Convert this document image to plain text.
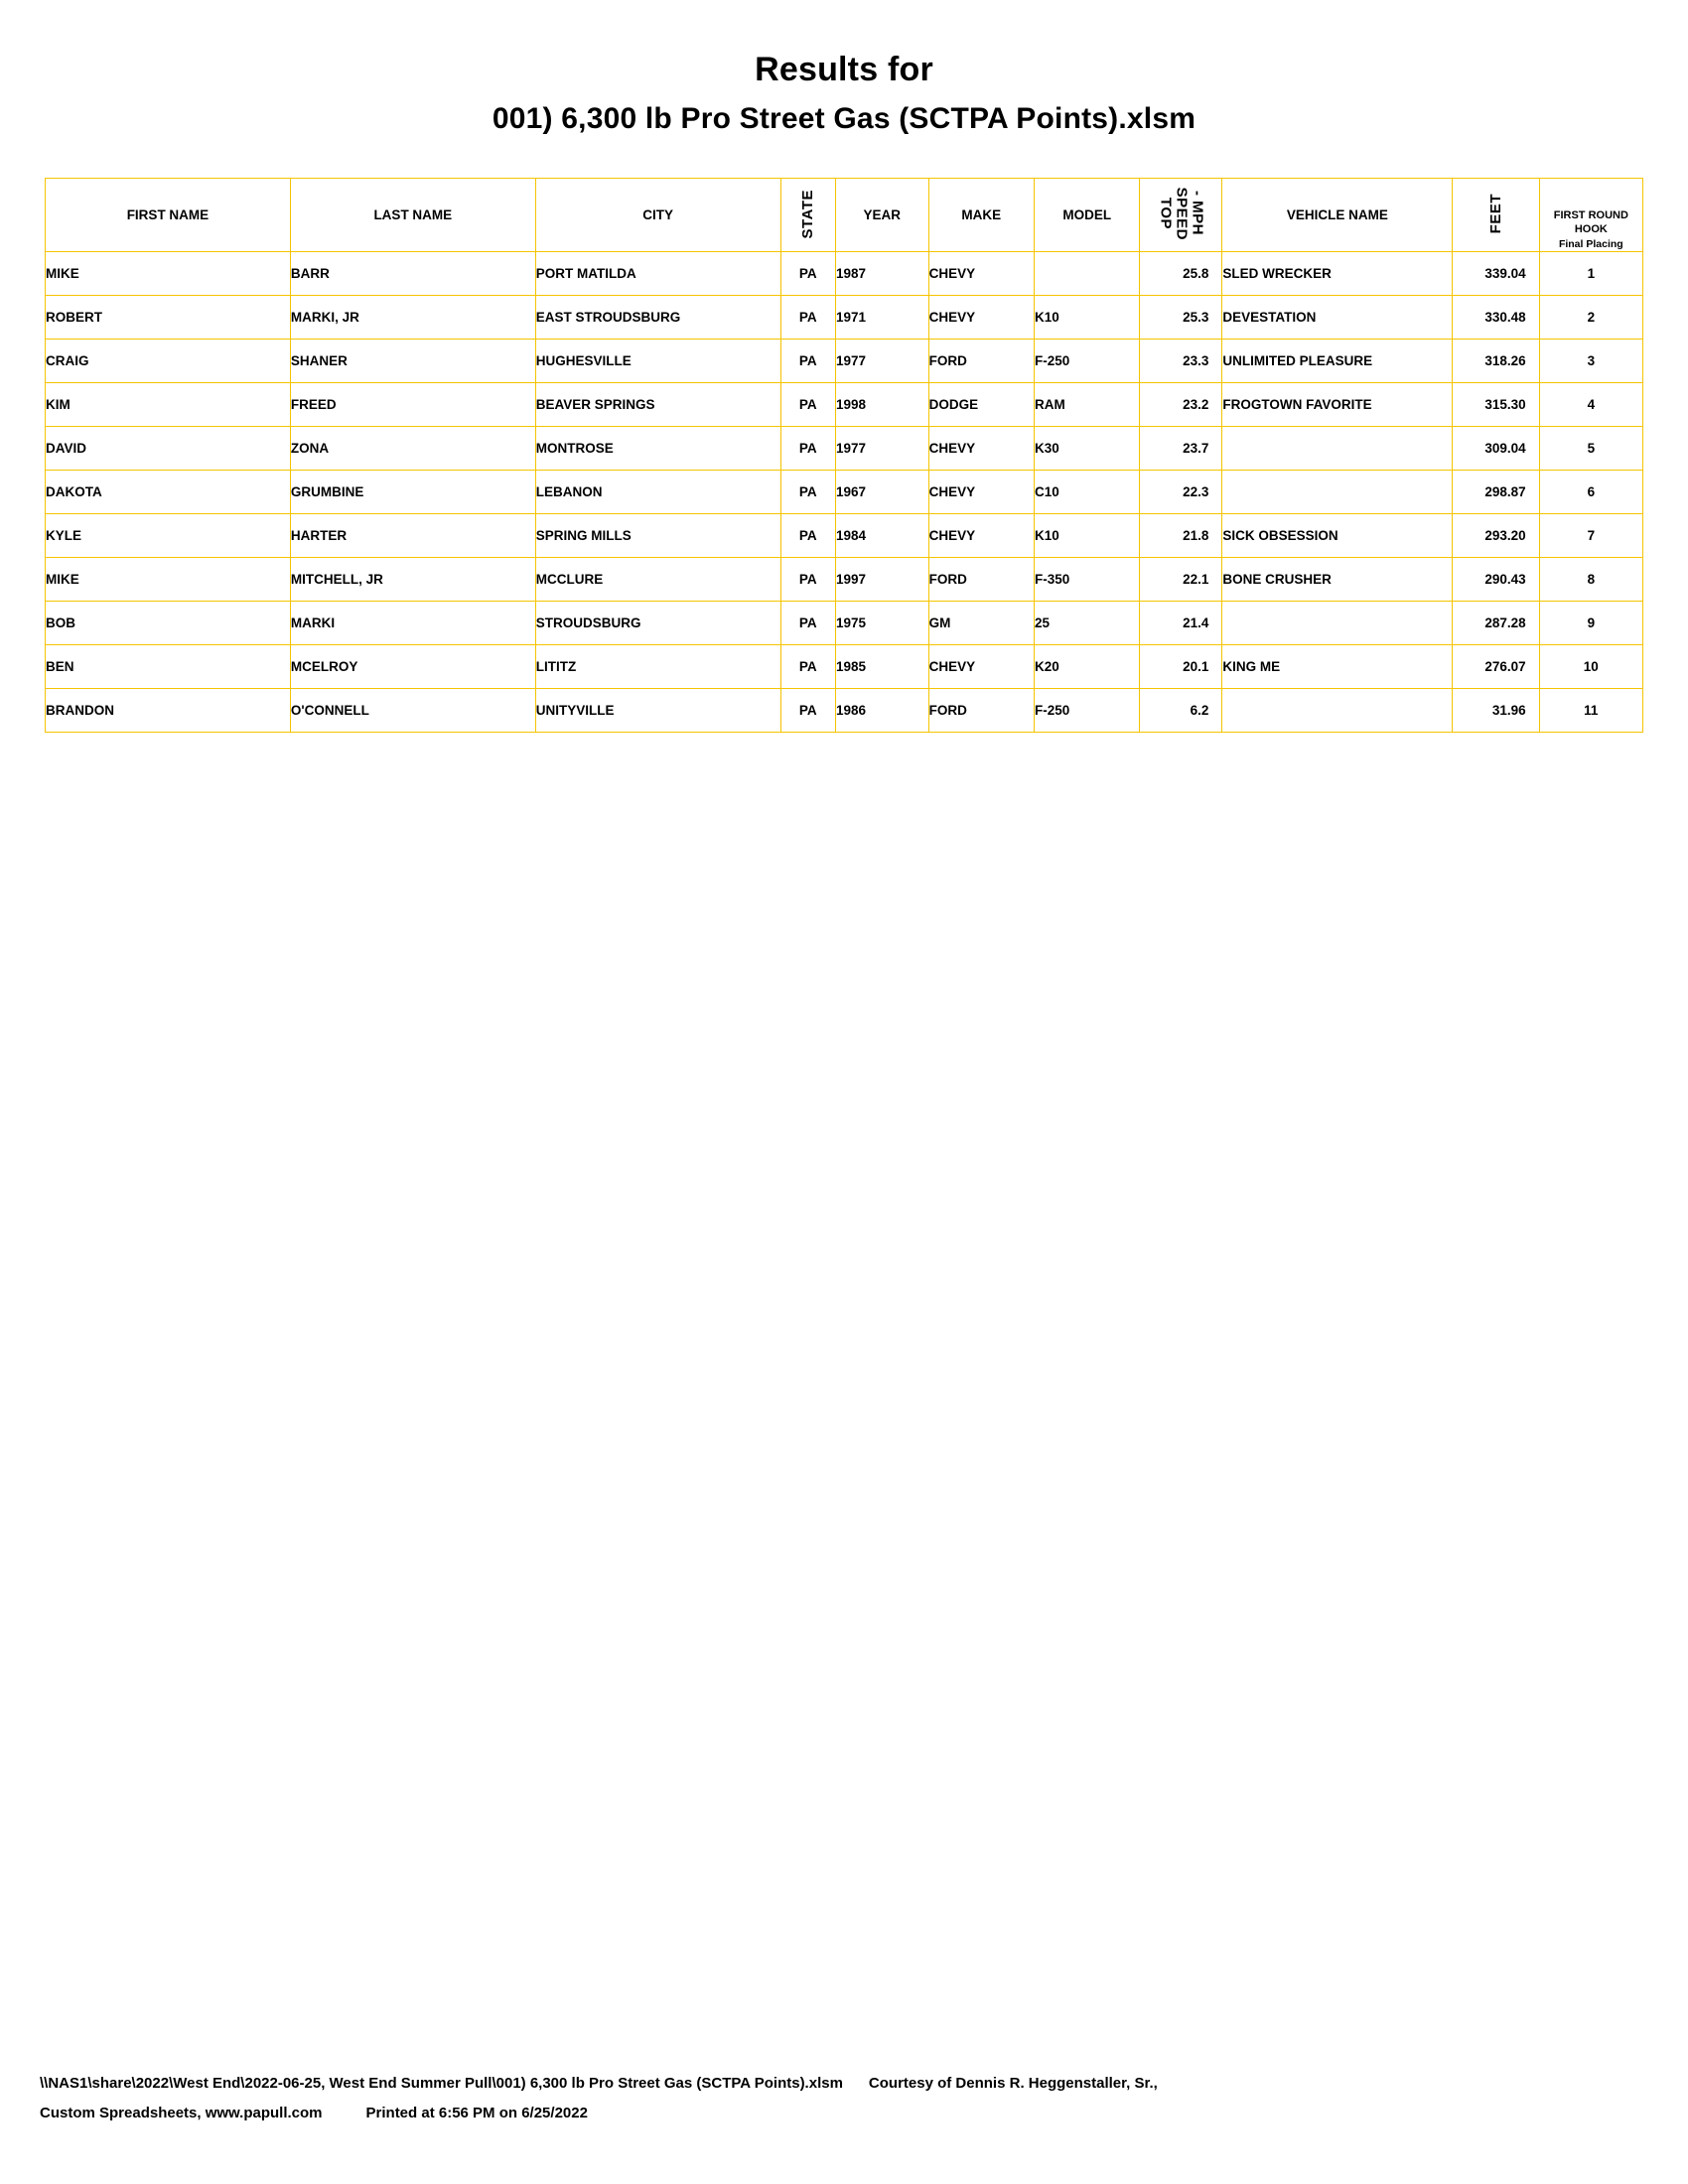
Results for
001) 6,300 lb Pro Street Gas (SCTPA Points).xlsm
FIRST NAME	LAST NAME	CITY	STATE	YEAR	MAKE	MODEL	TOP SPEED - MPH	VEHICLE NAME	FEET	FIRST ROUND
HOOK
Final Placing

MIKE	BARR	PORT MATILDA	PA	1987	CHEVY		25.8	SLED WRECKER	339.04	1
ROBERT	MARKI, JR	EAST STROUDSBURG	PA	1971	CHEVY	K10	25.3	DEVESTATION	330.48	2
CRAIG	SHANER	HUGHESVILLE	PA	1977	FORD	F-250	23.3	UNLIMITED PLEASURE	318.26	3
KIM	FREED	BEAVER SPRINGS	PA	1998	DODGE	RAM	23.2	FROGTOWN FAVORITE	315.30	4
DAVID	ZONA	MONTROSE	PA	1977	CHEVY	K30	23.7		309.04	5
DAKOTA	GRUMBINE	LEBANON	PA	1967	CHEVY	C10	22.3		298.87	6
KYLE	HARTER	SPRING MILLS	PA	1984	CHEVY	K10	21.8	SICK OBSESSION	293.20	7
MIKE	MITCHELL, JR	MCCLURE	PA	1997	FORD	F-350	22.1	BONE CRUSHER	290.43	8
BOB	MARKI	STROUDSBURG	PA	1975	GM	25	21.4		287.28	9
BEN	MCELROY	LITITZ	PA	1985	CHEVY	K20	20.1	KING ME	276.07	10
BRANDON	O'CONNELL	UNITYVILLE	PA	1986	FORD	F-250	6.2		31.96	11
\\NAS1\share\2022\West End\2022-06-25, West End Summer Pull\001) 6,300 lb Pro Street Gas (SCTPA Points).xlsm Courtesy of Dennis R. Heggenstaller, Sr.,
Custom Spreadsheets, www.papull.com	Printed at 6:56 PM on 6/25/2022
